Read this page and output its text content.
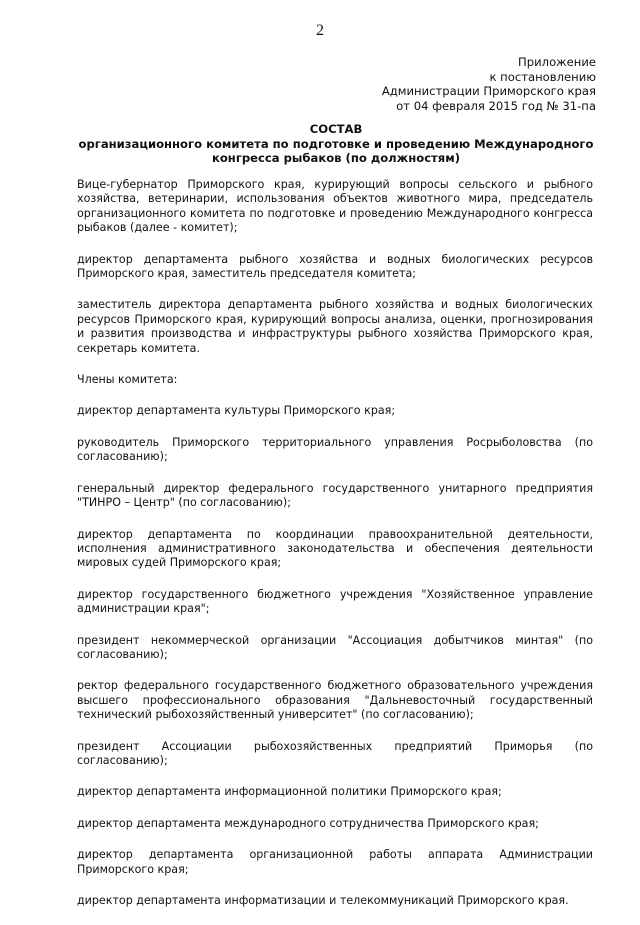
2
Приложение
к постановлению
Администрации Приморского края
от 04 февраля 2015 год № 31-па
СОСТАВ
организационного комитета по подготовке и проведению Международного
конгресса рыбаков (по должностям)

Вице-губернатор Приморского края, курирующий вопросы сельского и рыбного хозяйства, ветеринарии, использования объектов животного мира, председатель организационного комитета по подготовке и проведению Международного конгресса рыбаков (далее - комитет);

директор департамента рыбного хозяйства и водных биологических ресурсов Приморского края, заместитель председателя комитета;

заместитель директора департамента рыбного хозяйства и водных биологических ресурсов Приморского края, курирующий вопросы анализа, оценки, прогнозирования и развития производства и инфраструктуры рыбного хозяйства Приморского края, секретарь комитета.

Члены комитета:

директор департамента культуры Приморского края;

руководитель Приморского территориального управления Росрыболовства (по согласованию);

генеральный директор федерального государственного унитарного предприятия "ТИНРО – Центр" (по согласованию);

директор департамента по координации правоохранительной деятельности, исполнения административного законодательства и обеспечения деятельности мировых судей Приморского края;

директор государственного бюджетного учреждения "Хозяйственное управление администрации края";

президент некоммерческой организации "Ассоциация добытчиков минтая" (по согласованию);

ректор федерального государственного бюджетного образовательного учреждения высшего профессионального образования "Дальневосточный государственный технический рыбохозяйственный университет" (по согласованию);

президент Ассоциации рыбохозяйственных предприятий Приморья (по согласованию);

директор департамента информационной политики Приморского края;

директор департамента международного сотрудничества Приморского края;

директор департамента организационной работы аппарата Администрации Приморского края;

директор департамента информатизации и телекоммуникаций Приморского края.
